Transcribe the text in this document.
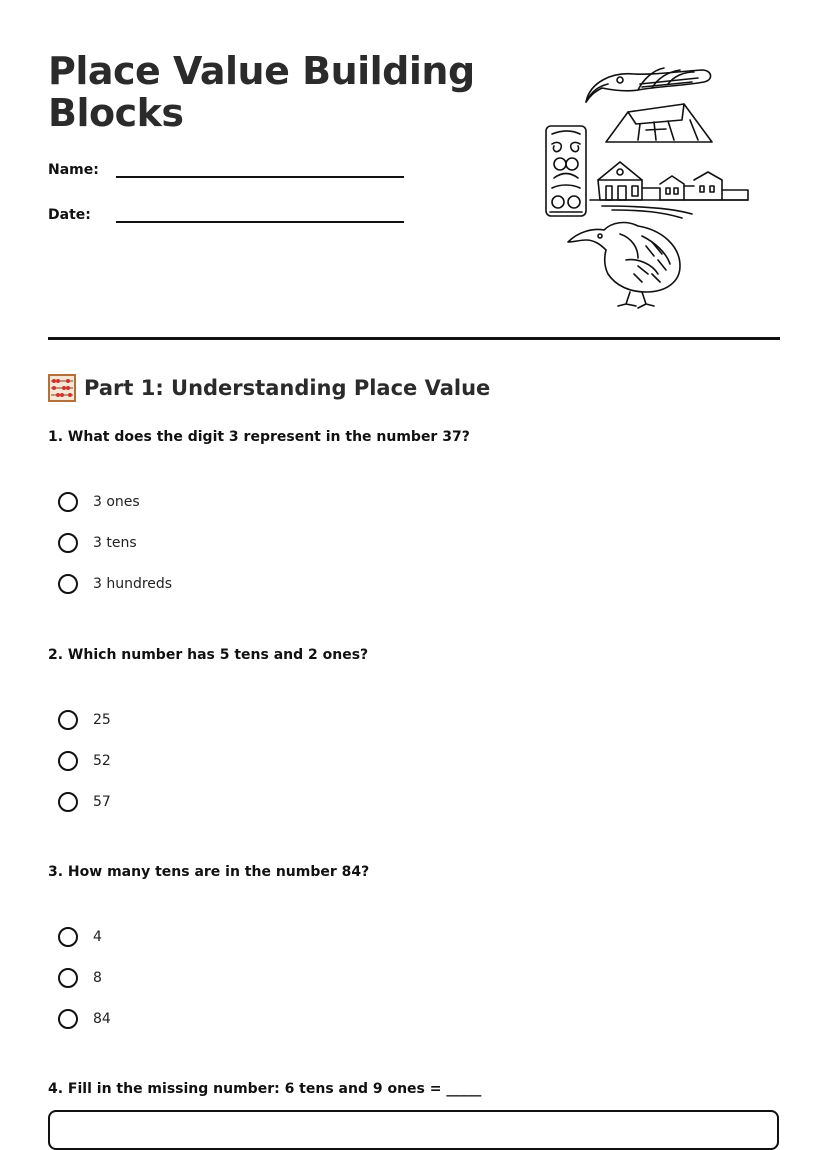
Place Value Building Blocks
Name:
Date:
Part 1: Understanding Place Value
1. What does the digit 3 represent in the number 37?
3 ones
3 tens
3 hundreds
2. Which number has 5 tens and 2 ones?
25
52
57
3. How many tens are in the number 84?
4
8
84
4. Fill in the missing number: 6 tens and 9 ones = _____
